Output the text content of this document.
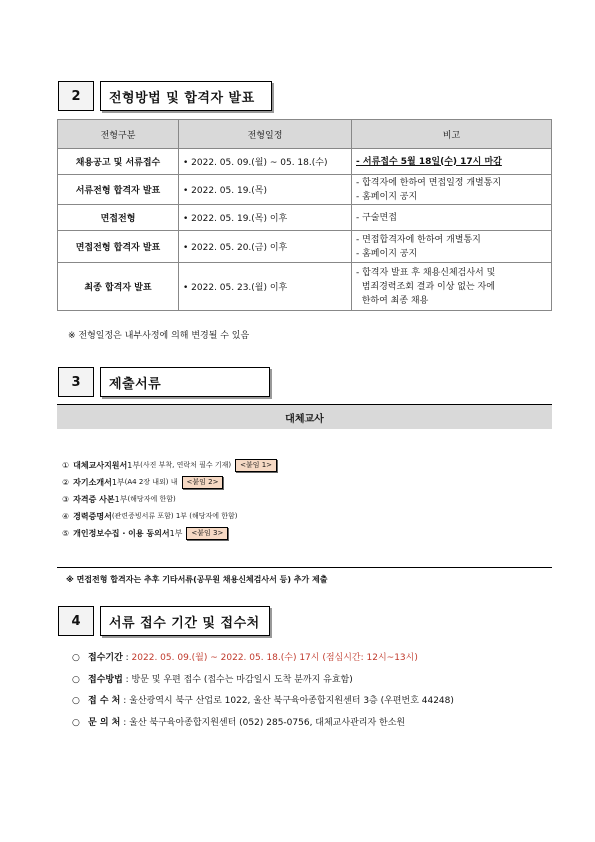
2	전형방법 및 합격자 발표
전형구분	전형일정	비고
채용공고 및 서류접수	• 2022. 05. 09.(월) ~ 05. 18.(수)	- 서류접수 5월 18일(수) 17시 마감

서류전형 합격자 발표	• 2022. 05. 19.(목)	- 합격자에 한하여 면접일정 개별통지
- 홈페이지 공지

면접전형	• 2022. 05. 19.(목) 이후	- 구술면접

면접전형 합격자 발표	• 2022. 05. 20.(금) 이후	- 면접합격자에 한하여 개별통지
- 홈페이지 공지

최종 합격자 발표	• 2022. 05. 23.(월) 이후	- 합격자 발표 후 채용신체검사서 및
범죄경력조회 결과 이상 없는 자에
한하여 최종 채용
※ 전형일정은 내부사정에 의해 변경될 수 있음
3	제출서류
대체교사
① 대체교사지원서 1부 (사진 부착, 연락처 필수 기재)	<붙임 1>
② 자기소개서 1부 (A4 2장 내외) 내	<붙임 2>
③ 자격증 사본 1부 (해당자에 한함)
④ 경력증명서 (관련증빙서류 포함) 1부 (해당자에 한함)
⑤ 개인정보수집 · 이용 동의서 1부	<붙임 3>
※ 면접전형 합격자는 추후 기타서류(공무원 채용신체검사서 등) 추가 제출
4	서류 접수 기간 및 접수처
○ 접수기간 : 2022. 05. 09.(월) ~ 2022. 05. 18.(수) 17시 (점심시간: 12시~13시)
○ 접수방법 : 방문 및 우편 접수 (접수는 마감일시 도착 분까지 유효함)
○ 접 수 처 : 울산광역시 북구 산업로 1022, 울산 북구육아종합지원센터 3층 (우편번호 44248)
○ 문 의 처 : 울산 북구육아종합지원센터 (052) 285-0756, 대체교사관리자 한소원
